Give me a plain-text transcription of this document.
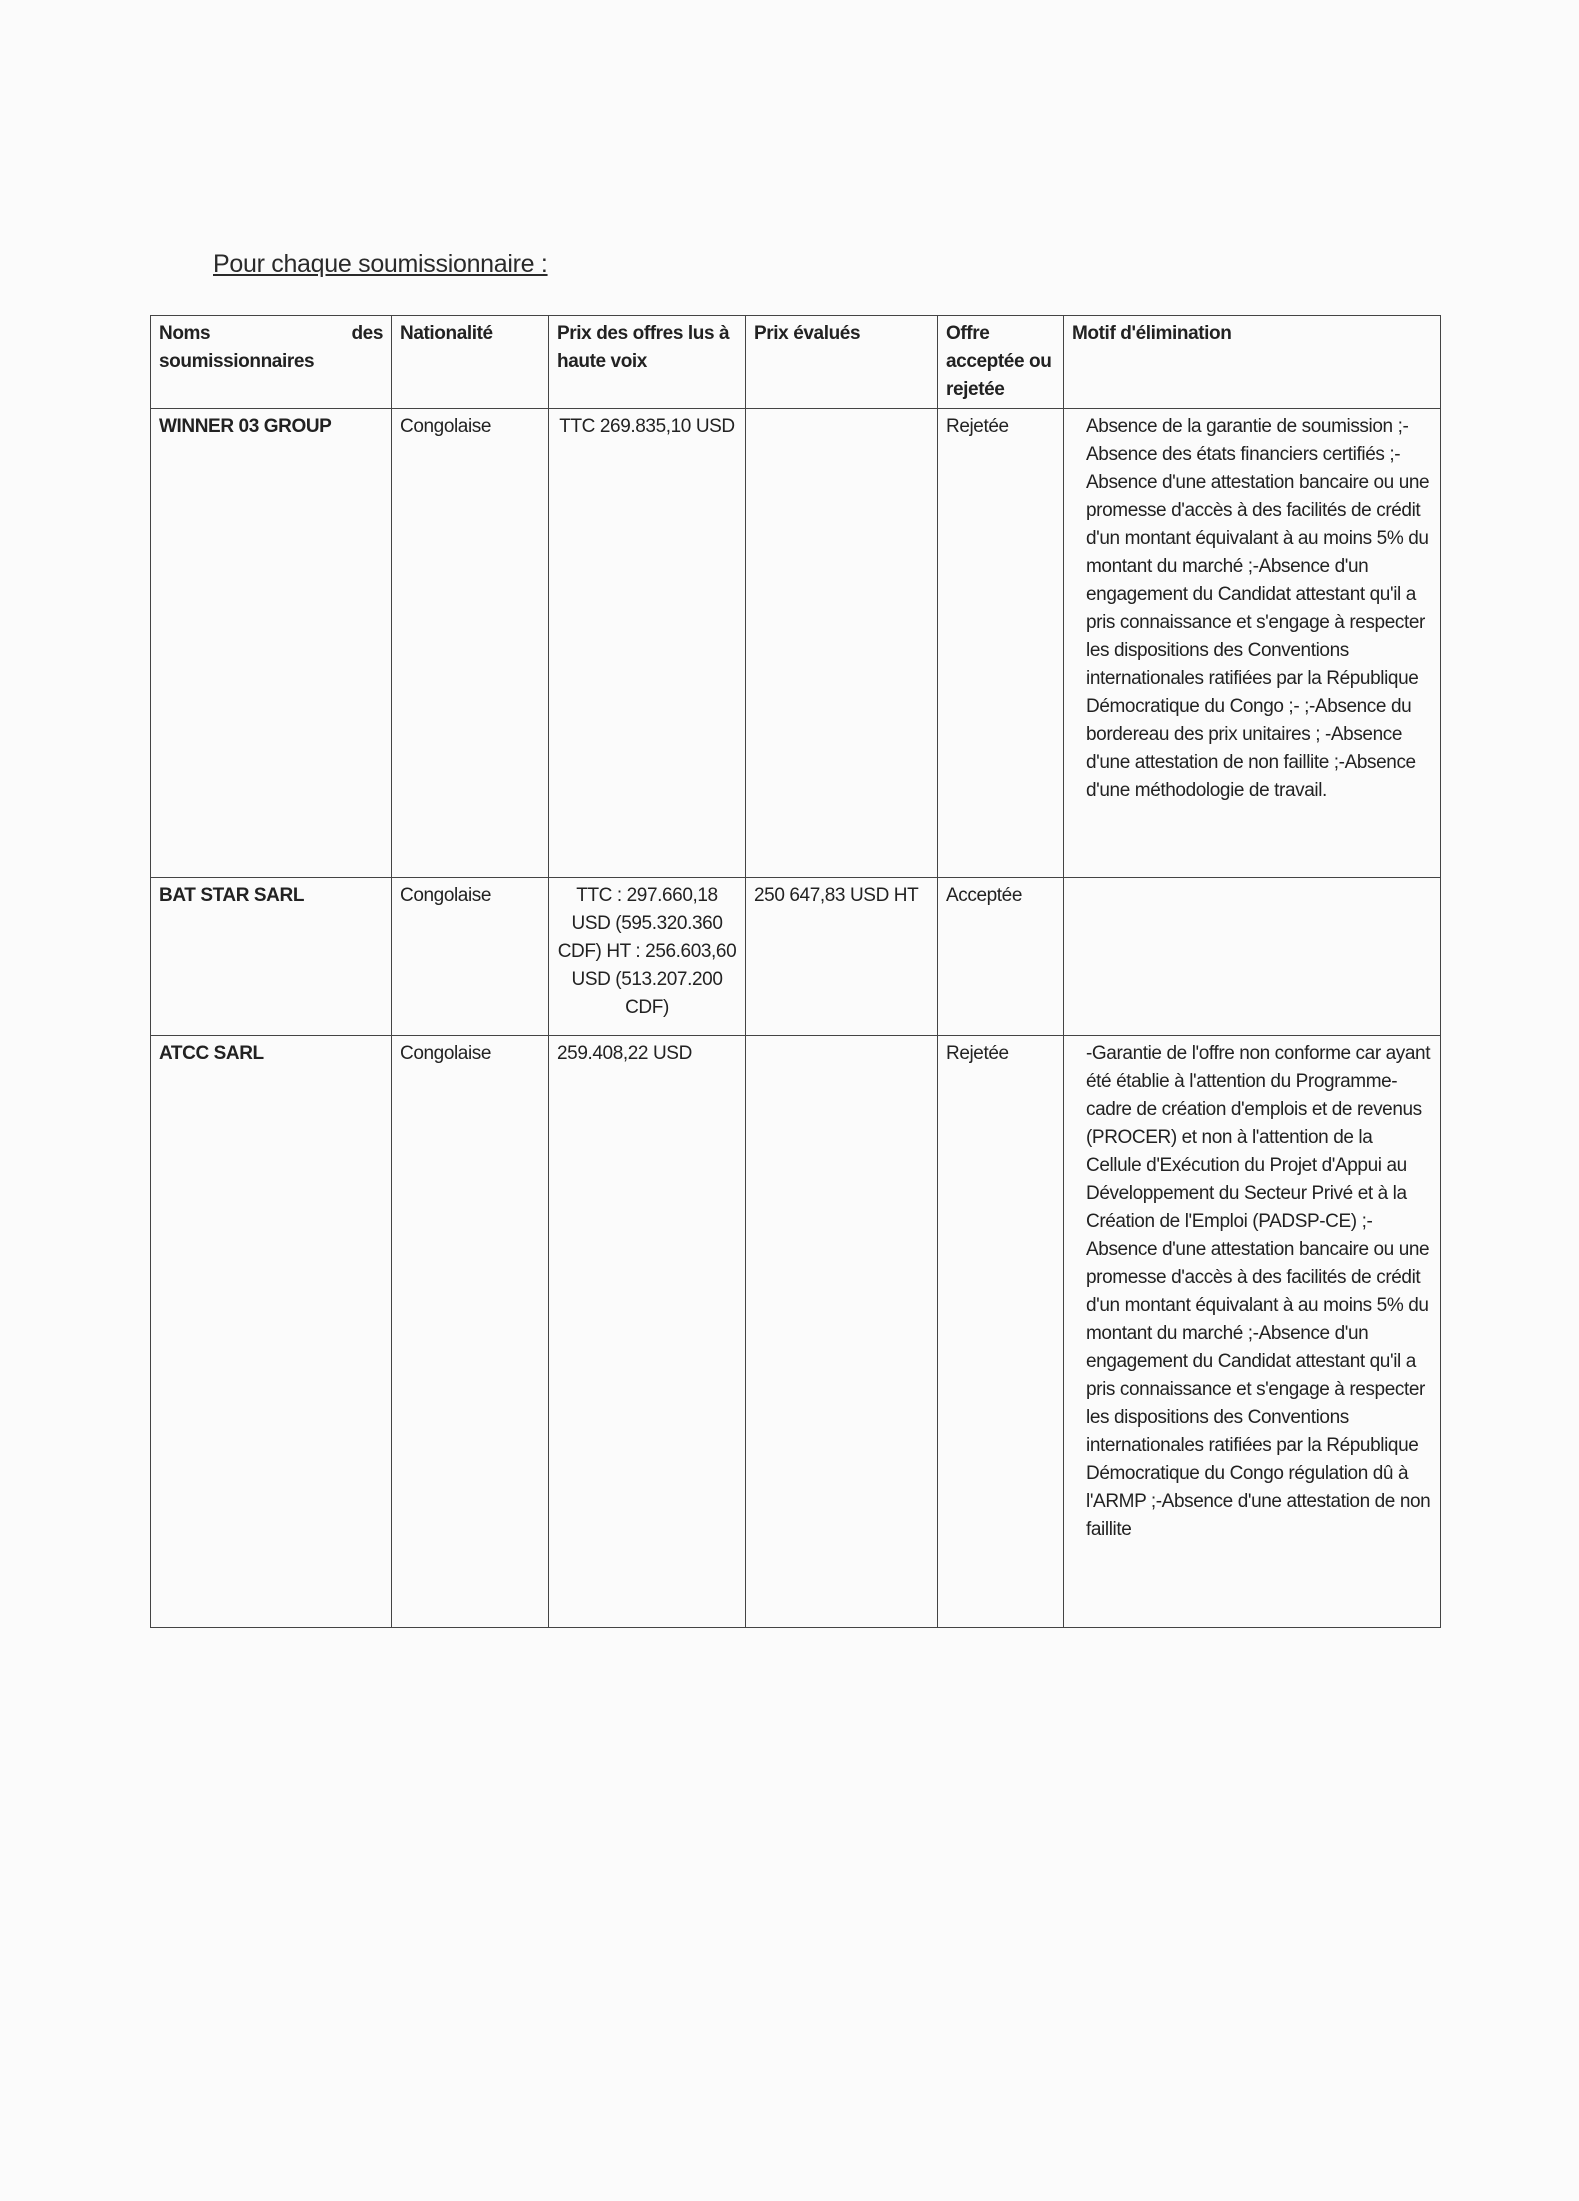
Pour chaque soumissionnaire :
Noms des
soumissionnaires	Nationalité	Prix des offres lus à haute voix	Prix évalués	Offre acceptée ou rejetée	Motif d'élimination
WINNER 03 GROUP	Congolaise	TTC 269.835,10 USD		Rejetée	Absence de la garantie de soumission ;-Absence des états financiers certifiés ;-Absence d'une attestation bancaire ou une promesse d'accès à des facilités de crédit d'un montant équivalant à au moins 5% du montant du marché ;-Absence d'un engagement du Candidat attestant qu'il a pris connaissance et s'engage à respecter les dispositions des Conventions internationales ratifiées par la République Démocratique du Congo ;- ;-Absence du bordereau des prix unitaires ; -Absence d'une attestation de non faillite ;-Absence d'une méthodologie de travail.
BAT STAR SARL	Congolaise	TTC : 297.660,18 USD (595.320.360 CDF) HT : 256.603,60 USD (513.207.200 CDF)	250 647,83 USD HT	Acceptée	
ATCC SARL	Congolaise	259.408,22 USD		Rejetée	-Garantie de l'offre non conforme car ayant été établie à l'attention du Programme-cadre de création d'emplois et de revenus (PROCER) et non à l'attention de la Cellule d'Exécution du Projet d'Appui au Développement du Secteur Privé et à la Création de l'Emploi (PADSP-CE) ;-Absence d'une attestation bancaire ou une promesse d'accès à des facilités de crédit d'un montant équivalant à au moins 5% du montant du marché ;-Absence d'un engagement du Candidat attestant qu'il a pris connaissance et s'engage à respecter les dispositions des Conventions internationales ratifiées par la République Démocratique du Congo régulation dû à l'ARMP ;-Absence d'une attestation de non faillite
